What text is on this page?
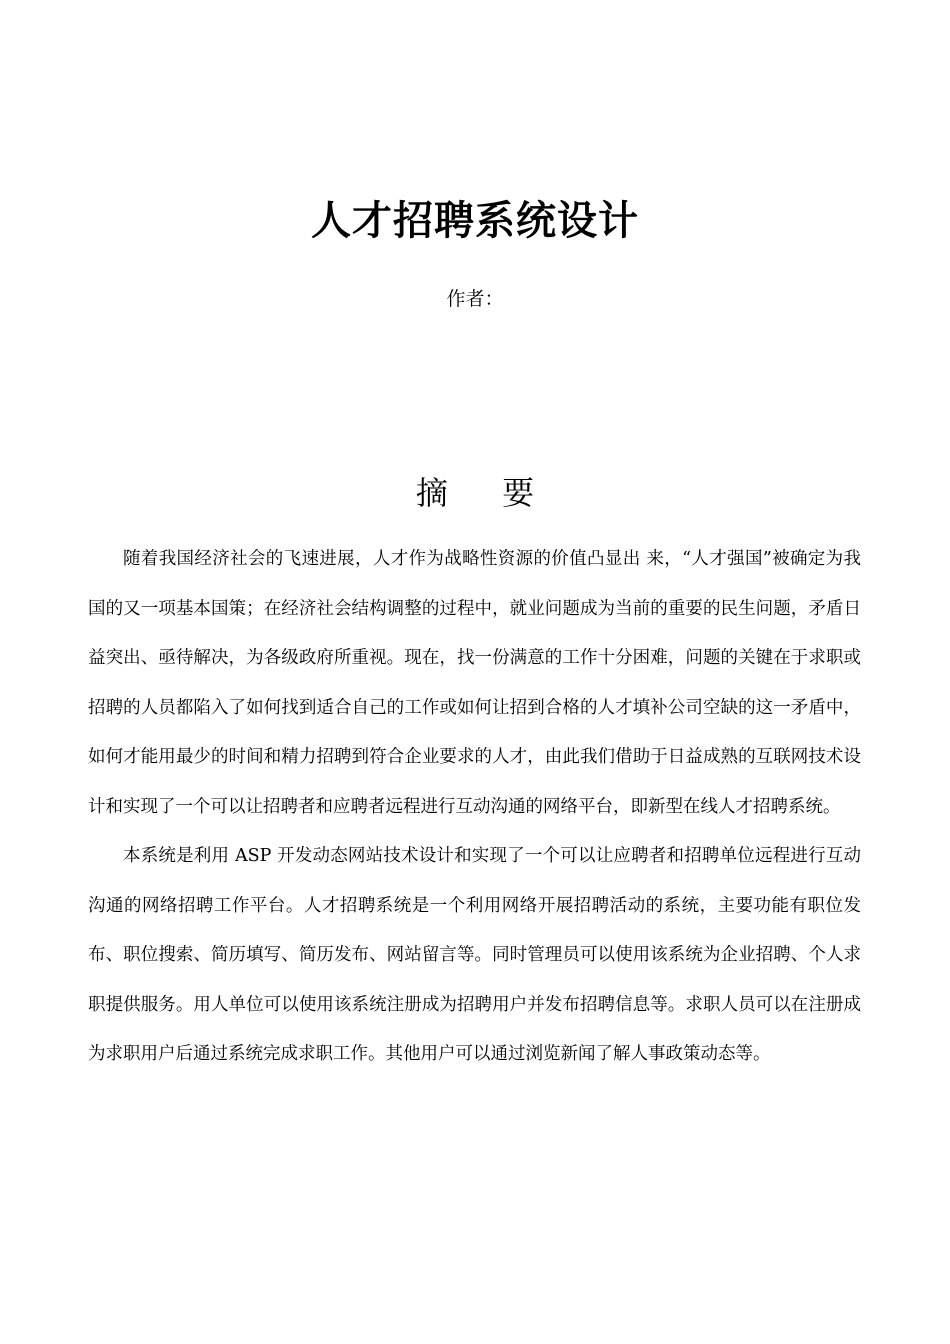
人才招聘系统设计
作者：
摘 要

随着我国经济社会的飞速进展，人才作为战略性资源的价值凸显出 来，“人才强国”被确定为我国的又一项基本国策；在经济社会结构调整的过程中，就业问题成为当前的重要的民生问题，矛盾日益突出、亟待解决，为各级政府所重视。现在，找一份满意的工作十分困难，问题的关键在于求职或招聘的人员都陷入了如何找到适合自己的工作或如何让招到合格的人才填补公司空缺的这一矛盾中，如何才能用最少的时间和精力招聘到符合企业要求的人才，由此我们借助于日益成熟的互联网技术设计和实现了一个可以让招聘者和应聘者远程进行互动沟通的网络平台，即新型在线人才招聘系统。

本系统是利用 ASP 开发动态网站技术设计和实现了一个可以让应聘者和招聘单位远程进行互动沟通的网络招聘工作平台。人才招聘系统是一个利用网络开展招聘活动的系统，主要功能有职位发布、职位搜索、简历填写、简历发布、网站留言等。同时管理员可以使用该系统为企业招聘、个人求职提供服务。用人单位可以使用该系统注册成为招聘用户并发布招聘信息等。求职人员可以在注册成为求职用户后通过系统完成求职工作。其他用户可以通过浏览新闻了解人事政策动态等。
